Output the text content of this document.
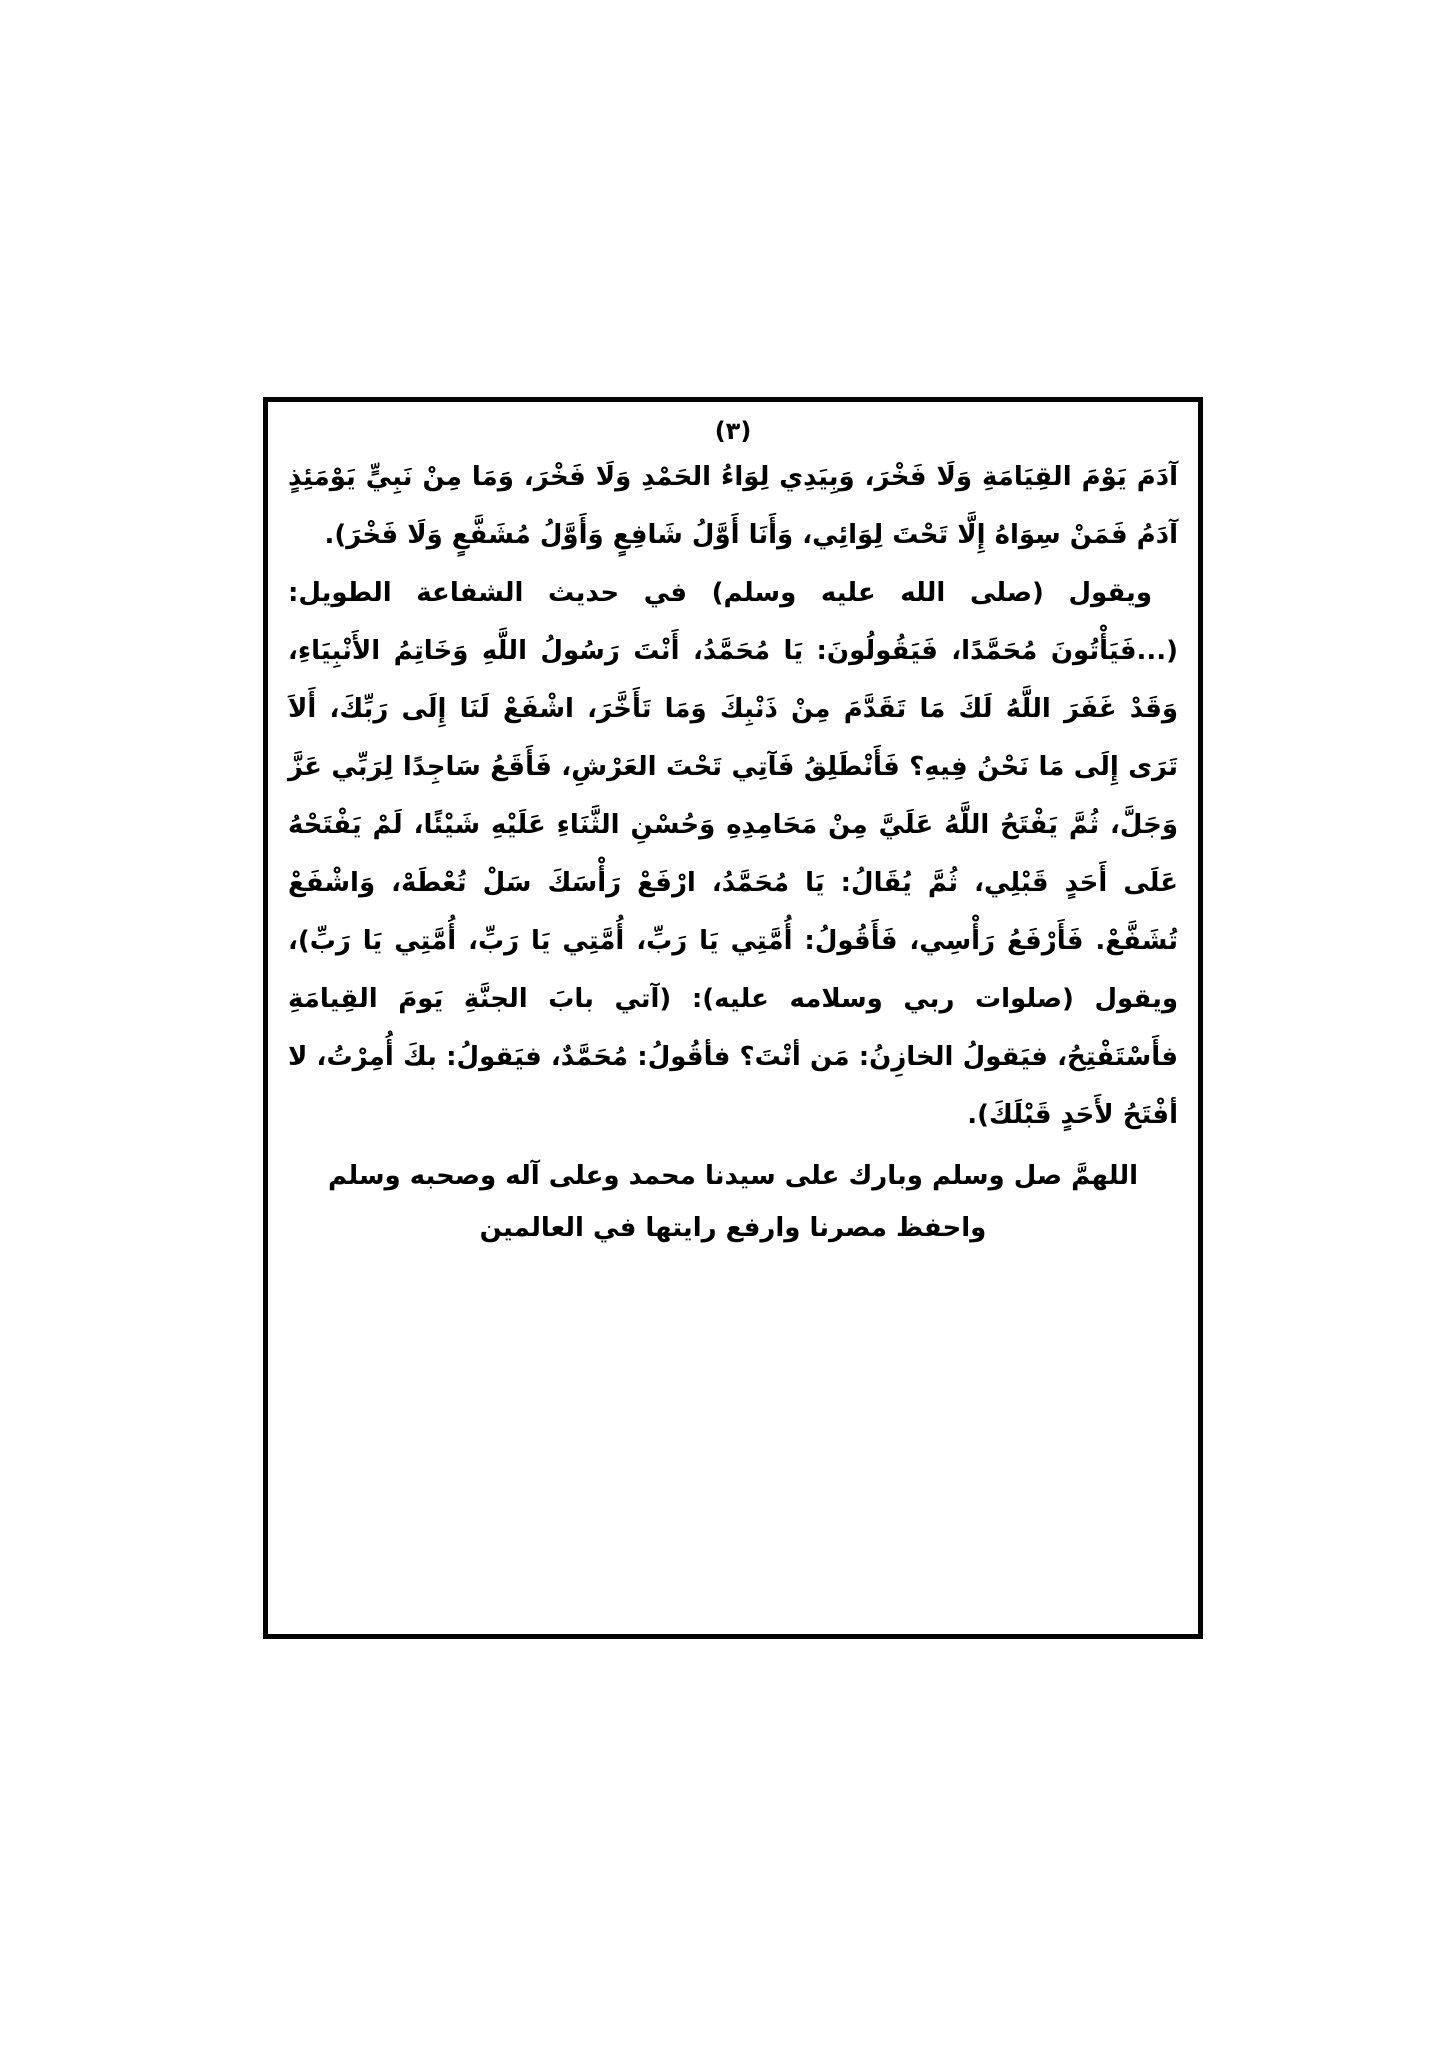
(٣)

آدَمَ يَوْمَ القِيَامَةِ وَلَا فَخْرَ، وَبِيَدِي لِوَاءُ الحَمْدِ وَلَا فَخْرَ، وَمَا مِنْ نَبِيٍّ يَوْمَئِذٍ آدَمُ فَمَنْ سِوَاهُ إِلَّا تَحْتَ لِوَائِي، وَأَنَا أَوَّلُ شَافِعٍ وَأَوَّلُ مُشَفَّعٍ وَلَا فَخْرَ).

ويقول (صلى الله عليه وسلم) في حديث الشفاعة الطويل: (...فَيَأْتُونَ مُحَمَّدًا، فَيَقُولُونَ: يَا مُحَمَّدُ، أَنْتَ رَسُولُ اللَّهِ وَخَاتِمُ الأَنْبِيَاءِ، وَقَدْ غَفَرَ اللَّهُ لَكَ مَا تَقَدَّمَ مِنْ ذَنْبِكَ وَمَا تَأَخَّرَ، اشْفَعْ لَنَا إِلَى رَبِّكَ، أَلاَ تَرَى إِلَى مَا نَحْنُ فِيهِ؟ فَأَنْطَلِقُ فَآتِي تَحْتَ العَرْشِ، فَأَقَعُ سَاجِدًا لِرَبِّي عَزَّ وَجَلَّ، ثُمَّ يَفْتَحُ اللَّهُ عَلَيَّ مِنْ مَحَامِدِهِ وَحُسْنِ الثَّنَاءِ عَلَيْهِ شَيْئًا، لَمْ يَفْتَحْهُ عَلَى أَحَدٍ قَبْلِي، ثُمَّ يُقَالُ: يَا مُحَمَّدُ، ارْفَعْ رَأْسَكَ سَلْ تُعْطَهْ، وَاشْفَعْ تُشَفَّعْ. فَأَرْفَعُ رَأْسِي، فَأَقُولُ: أُمَّتِي يَا رَبِّ، أُمَّتِي يَا رَبِّ، أُمَّتِي يَا رَبِّ)، ويقول (صلوات ربي وسلامه عليه): (آتي بابَ الجنَّةِ يَومَ القِيامَةِ فأَسْتَفْتِحُ، فيَقولُ الخازِنُ: مَن أنْتَ؟ فأقُولُ: مُحَمَّدٌ، فيَقولُ: بكَ أُمِرْتُ، لا أفْتَحُ لأَحَدٍ قَبْلَكَ).

اللهمَّ صل وسلم وبارك على سيدنا محمد وعلى آله وصحبه وسلم
واحفظ مصرنا وارفع رايتها في العالمين
